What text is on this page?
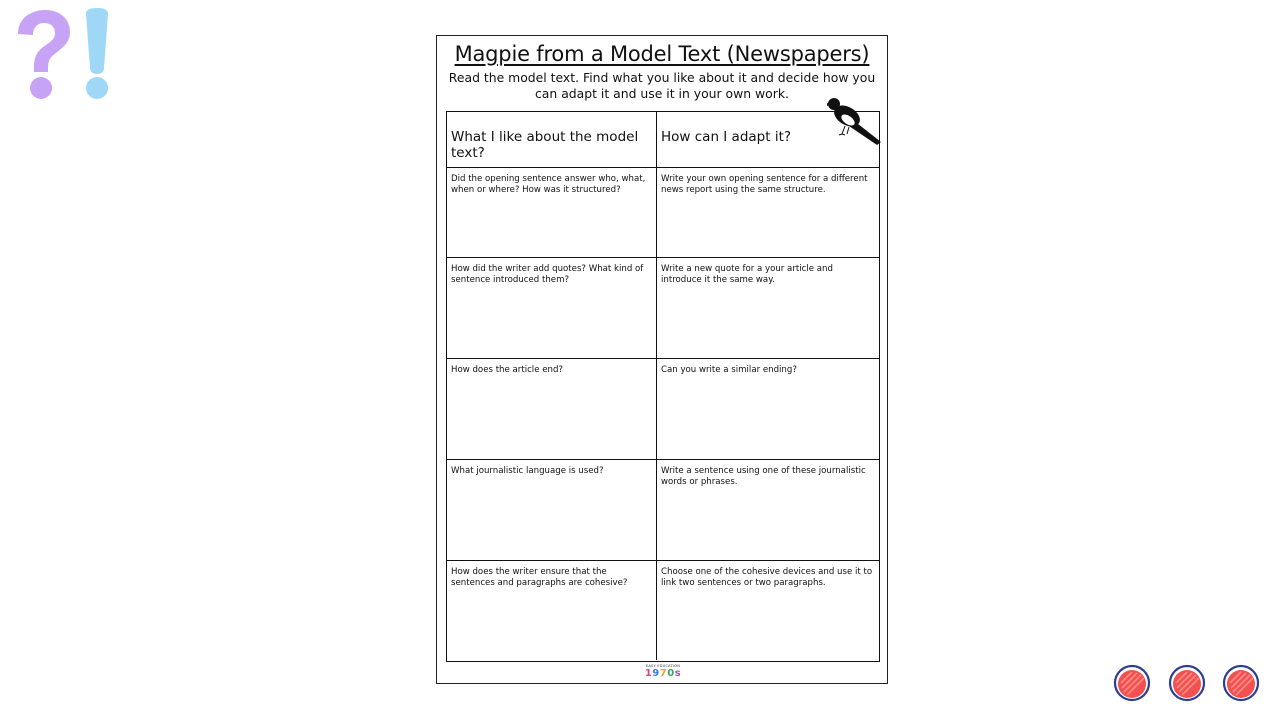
Magpie from a Model Text (Newspapers)
Read the model text. Find what you like about it and decide how you can adapt it and use it in your own work.
What I like about the model text?
How can I adapt it?
Did the opening sentence answer who, what, when or where? How was it structured?
Write your own opening sentence for a different news report using the same structure.
How did the writer add quotes? What kind of sentence introduced them?
Write a new quote for a your article and introduce it the same way.
How does the article end?	Can you write a similar ending?
What journalistic language is used?	Write a sentence using one of these journalistic words or phrases.
How does the writer ensure that the sentences and paragraphs are cohesive?
Choose one of the cohesive devices and use it to link two sentences or two paragraphs.
EASY EDUCATION
1970s
